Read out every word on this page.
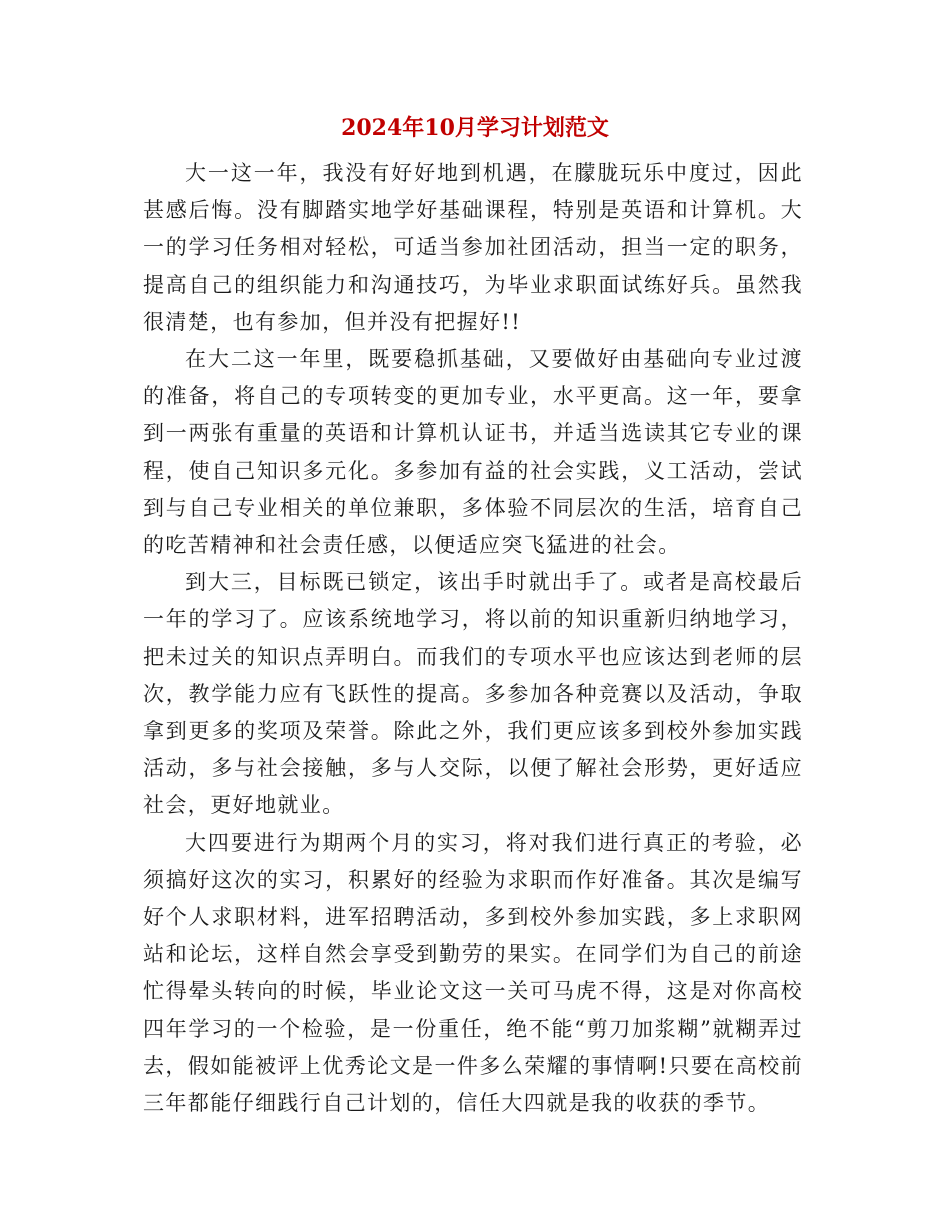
2024年10月学习计划范文

大一这一年，我没有好好地到机遇，在朦胧玩乐中度过，因此甚感后悔。没有脚踏实地学好基础课程，特别是英语和计算机。大一的学习任务相对轻松，可适当参加社团活动，担当一定的职务，提高自己的组织能力和沟通技巧，为毕业求职面试练好兵。虽然我很清楚，也有参加，但并没有把握好!!

在大二这一年里，既要稳抓基础，又要做好由基础向专业过渡的准备，将自己的专项转变的更加专业，水平更高。这一年，要拿到一两张有重量的英语和计算机认证书，并适当选读其它专业的课程，使自己知识多元化。多参加有益的社会实践，义工活动，尝试到与自己专业相关的单位兼职，多体验不同层次的生活，培育自己的吃苦精神和社会责任感，以便适应突飞猛进的社会。

到大三，目标既已锁定，该出手时就出手了。或者是高校最后一年的学习了。应该系统地学习，将以前的知识重新归纳地学习，把未过关的知识点弄明白。而我们的专项水平也应该达到老师的层次，教学能力应有飞跃性的提高。多参加各种竞赛以及活动，争取拿到更多的奖项及荣誉。除此之外，我们更应该多到校外参加实践活动，多与社会接触，多与人交际，以便了解社会形势，更好适应社会，更好地就业。

大四要进行为期两个月的实习，将对我们进行真正的考验，必须搞好这次的实习，积累好的经验为求职而作好准备。其次是编写好个人求职材料，进军招聘活动，多到校外参加实践，多上求职网站和论坛，这样自然会享受到勤劳的果实。在同学们为自己的前途忙得晕头转向的时候，毕业论文这一关可马虎不得，这是对你高校四年学习的一个检验，是一份重任，绝不能“剪刀加浆糊”就糊弄过去，假如能被评上优秀论文是一件多么荣耀的事情啊!只要在高校前三年都能仔细践行自己计划的，信任大四就是我的收获的季节。
